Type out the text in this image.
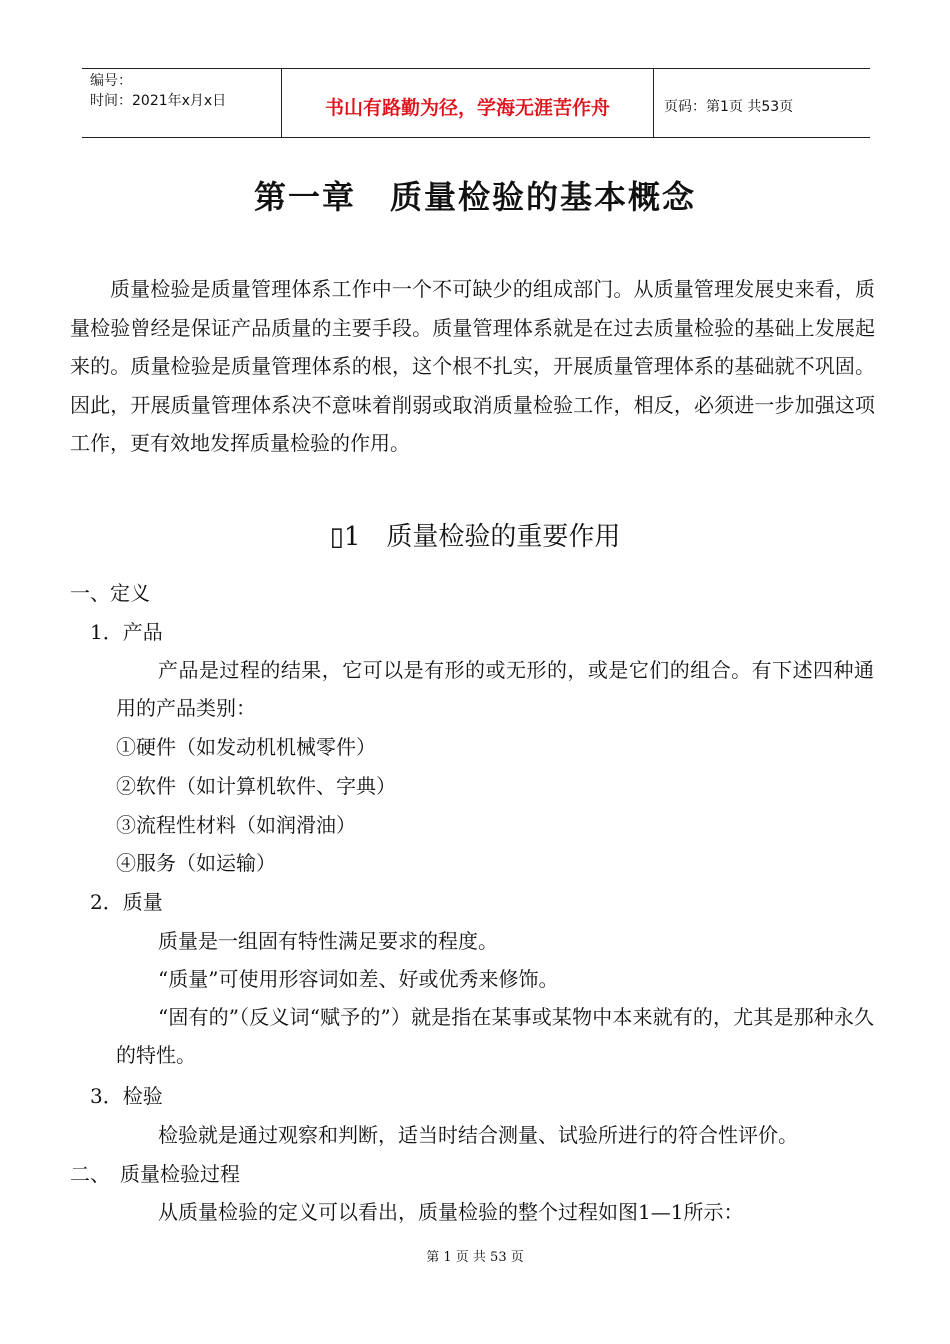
编号：
时间：2021年x月x日	书山有路勤为径，学海无涯苦作舟	页码：第1页 共53页
第一章　质量检验的基本概念
质量检验是质量管理体系工作中一个不可缺少的组成部门。从质量管理发展史来看，质量检验曾经是保证产品质量的主要手段。质量管理体系就是在过去质量检验的基础上发展起来的。质量检验是质量管理体系的根，这个根不扎实，开展质量管理体系的基础就不巩固。因此，开展质量管理体系决不意味着削弱或取消质量检验工作，相反，必须进一步加强这项工作，更有效地发挥质量检验的作用。
▯1 质量检验的重要作用
一、定义
1．产品
产品是过程的结果，它可以是有形的或无形的，或是它们的组合。有下述四种通用的产品类别：
①硬件（如发动机机械零件）
②软件（如计算机软件、字典）
③流程性材料（如润滑油）
④服务（如运输）
2．质量
质量是一组固有特性满足要求的程度。
“质量”可使用形容词如差、好或优秀来修饰。
“固有的”（反义词“赋予的”）就是指在某事或某物中本来就有的，尤其是那种永久的特性。
3．检验
检验就是通过观察和判断，适当时结合测量、试验所进行的符合性评价。
二、　质量检验过程
从质量检验的定义可以看出，质量检验的整个过程如图1—1所示：
第 1 页 共 53 页
